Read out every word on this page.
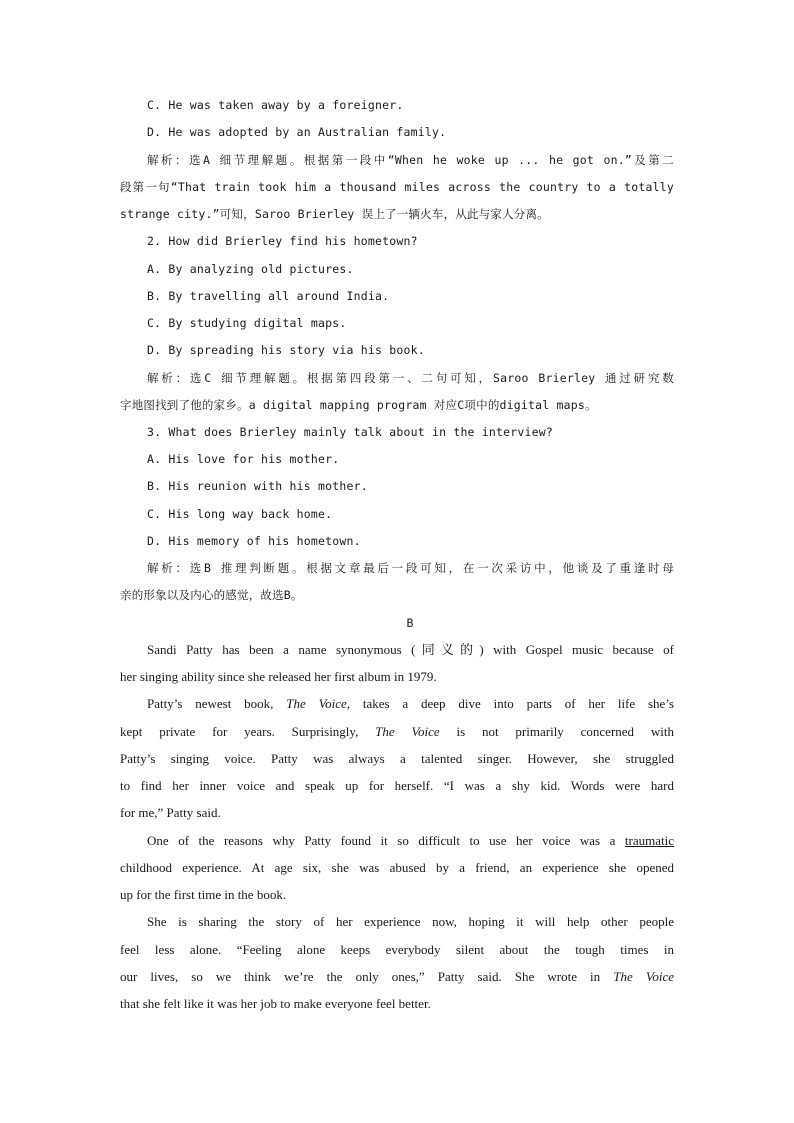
C. He was taken away by a foreigner.

D. He was adopted by an Australian family.

解析：选A 细节理解题。根据第一段中“When he woke up ... he got on.”及第二

段第一句“That train took him a thousand miles across the country to a totally

strange city.”可知，Saroo Brierley 误上了一辆火车，从此与家人分离。

2. How did Brierley find his hometown?

A. By analyzing old pictures.

B. By travelling all around India.

C. By studying digital maps.

D. By spreading his story via his book.

解析：选C 细节理解题。根据第四段第一、二句可知，Saroo Brierley 通过研究数

字地图找到了他的家乡。a digital mapping program 对应C项中的digital maps。

3. What does Brierley mainly talk about in the interview?

A. His love for his mother.

B. His reunion with his mother.

C. His long way back home.

D. His memory of his hometown.

解析：选B 推理判断题。根据文章最后一段可知，在一次采访中，他谈及了重逢时母

亲的形象以及内心的感觉，故选B。

B

Sandi Patty has been a name synonymous (同义的) with Gospel music because of

her singing ability since she released her first album in 1979.

Patty’s newest book, The Voice, takes a deep dive into parts of her life she’s

kept private for years. Surprisingly, The Voice is not primarily concerned with

Patty’s singing voice. Patty was always a talented singer. However, she struggled

to find her inner voice and speak up for herself. “I was a shy kid. Words were hard

for me,” Patty said.

One of the reasons why Patty found it so difficult to use her voice was a traumatic

childhood experience. At age six, she was abused by a friend, an experience she opened

up for the first time in the book.

She is sharing the story of her experience now, hoping it will help other people

feel less alone. “Feeling alone keeps everybody silent about the tough times in

our lives, so we think we’re the only ones,” Patty said. She wrote in The Voice

that she felt like it was her job to make everyone feel better.
